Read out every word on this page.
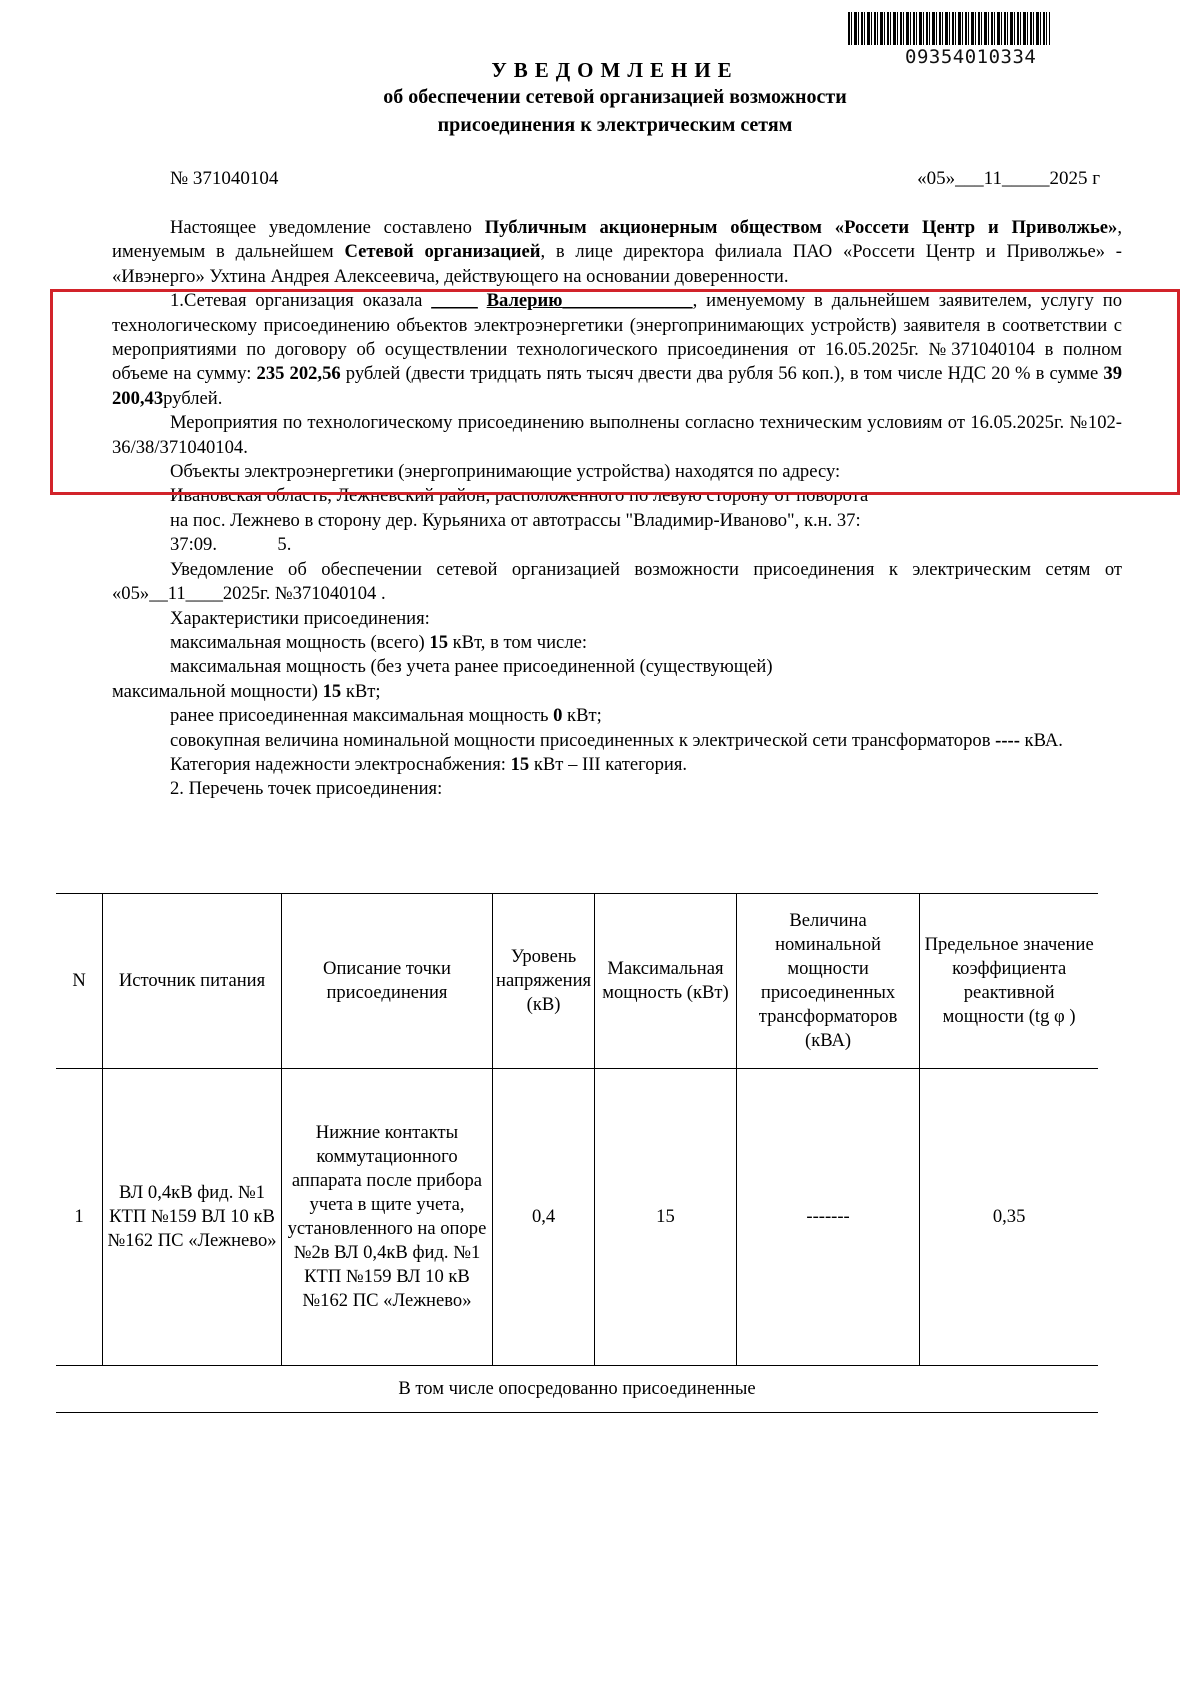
09354010334
УВЕДОМЛЕНИЕ
об обеспечении сетевой организацией возможности
присоединения к электрическим сетям
№ 371040104	«05»___11_____2025 г

Настоящее уведомление составлено Публичным акционерным обществом «Россети Центр и Приволжье», именуемым в дальнейшем Сетевой организацией, в лице директора филиала ПАО «Россети Центр и Приволжье» - «Ивэнерго» Ухтина Андрея Алексеевича, действующего на основании доверенности.

1.Сетевая организация оказала _____ Валерию______________, именуемому в дальнейшем заявителем, услугу по технологическому присоединению объектов электроэнергетики (энергопринимающих устройств) заявителя в соответствии с мероприятиями по договору об осуществлении технологического присоединения от 16.05.2025г. №371040104 в полном объеме на сумму: 235 202,56 рублей (двести тридцать пять тысяч двести два рубля 56 коп.), в том числе НДС 20 % в сумме 39 200,43рублей.

Мероприятия по технологическому присоединению выполнены согласно техническим условиям от 16.05.2025г. №102-36/38/371040104.

Объекты электроэнергетики (энергопринимающие устройства) находятся по адресу:

Ивановская область, Лежневский район, расположенного по левую сторону от поворота

на пос. Лежнево в сторону дер. Курьяниха от автотрассы "Владимир-Иваново", к.н. 37:

37:09.             5.

Уведомление об обеспечении сетевой организацией возможности присоединения к электрическим сетям от «05»__11____2025г. №371040104 .

Характеристики присоединения:

максимальная мощность (всего) 15 кВт, в том числе:

максимальная мощность (без учета ранее присоединенной (существующей)

максимальной мощности) 15 кВт;

ранее присоединенная максимальная мощность 0 кВт;

совокупная величина номинальной мощности присоединенных к электрической сети трансформаторов ---- кВА.

Категория надежности электроснабжения: 15 кВт – III категория.

2. Перечень точек присоединения:

N	Источник питания	Описание точки присоединения	Уровень напряжения (кВ)	Максимальная мощность (кВт)	Величина номинальной мощности присоединенных трансформаторов (кВА)	Предельное значение коэффициента реактивной мощности (tg φ )
1	ВЛ 0,4кВ фид. №1 КТП №159 ВЛ 10 кВ №162 ПС «Лежнево»	Нижние контакты коммутационного аппарата после прибора учета в щите учета, установленного на опоре №2в ВЛ 0,4кВ фид. №1 КТП №159 ВЛ 10 кВ №162 ПС «Лежнево»	0,4	15	-------	0,35
В том числе опосредованно присоединенные						
